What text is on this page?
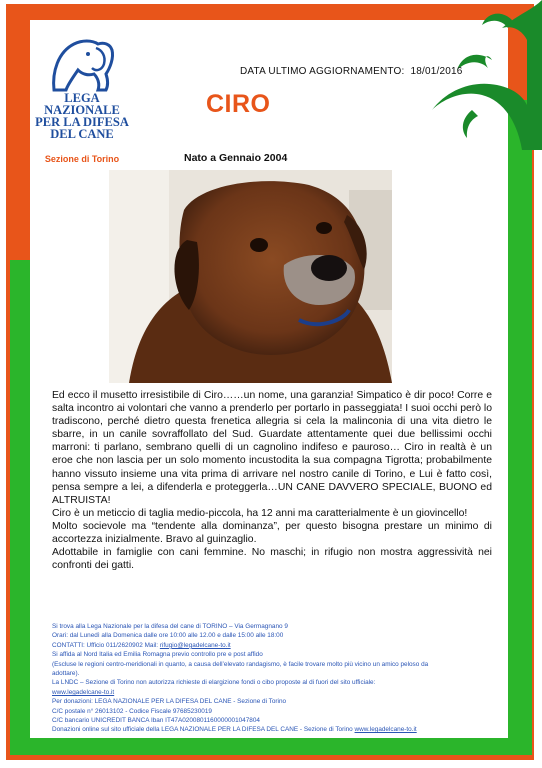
LEGA
NAZIONALE
PER LA DIFESA
DEL CANE
Sezione di Torino
DATA ULTIMO AGGIORNAMENTO: 18/01/2016
CIRO
Nato a Gennaio 2004

Ed ecco il musetto irresistibile di Ciro……un nome, una garanzia! Simpatico è dir poco! Corre e salta incontro ai volontari che vanno a prenderlo per portarlo in passeggiata! I suoi occhi però lo tradiscono, perché dietro questa frenetica allegria si cela la malinconia di una vita dietro le sbarre, in un canile sovraffollato del Sud. Guardate attentamente quei due bellissimi occhi marroni: ti parlano, sembrano quelli di un cagnolino indifeso e pauroso… Ciro in realtà è un eroe che non lascia per un solo momento incustodita la sua compagna Tigrotta; probabilmente hanno vissuto insieme una vita prima di arrivare nel nostro canile di Torino, e Lui è fatto così, pensa sempre a lei, a difenderla e proteggerla…UN CANE DAVVERO SPECIALE, BUONO ed ALTRUISTA!

Ciro è un meticcio di taglia medio-piccola, ha 12 anni ma caratterialmente è un giovincello!

Molto socievole ma “tendente alla dominanza”, per questo bisogna prestare un minimo di accortezza inizialmente. Bravo al guinzaglio.

Adottabile in famiglie con cani femmine. No maschi; in rifugio non mostra aggressività nei confronti dei gatti.

Si trova alla Lega Nazionale per la difesa del cane di TORINO – Via Germagnano 9

Orari: dal Lunedì alla Domenica dalle ore 10:00 alle 12.00 e dalle 15:00 alle 18:00

CONTATTI: Ufficio 011/2620902 Mail: rifugio@legadelcane-to.it

Si affida al Nord Italia ed Emilia Romagna previo controllo pre e post affido

(Escluse le regioni centro-meridionali in quanto, a causa dell’elevato randagismo, è facile trovare molto più vicino un amico peloso da

adottare).

La LNDC – Sezione di Torino non autorizza richieste di elargizione fondi o cibo proposte al di fuori del sito ufficiale:

www.legadelcane-to.it

Per donazioni: LEGA NAZIONALE PER LA DIFESA DEL CANE - Sezione di Torino

C/C postale n° 26013102 - Codice Fiscale 97685230019

C/C bancario UNICREDIT BANCA Iban IT47A0200801160000001047804

Donazioni online sul sito ufficiale della LEGA NAZIONALE PER LA DIFESA DEL CANE - Sezione di Torino www.legadelcane-to.it
